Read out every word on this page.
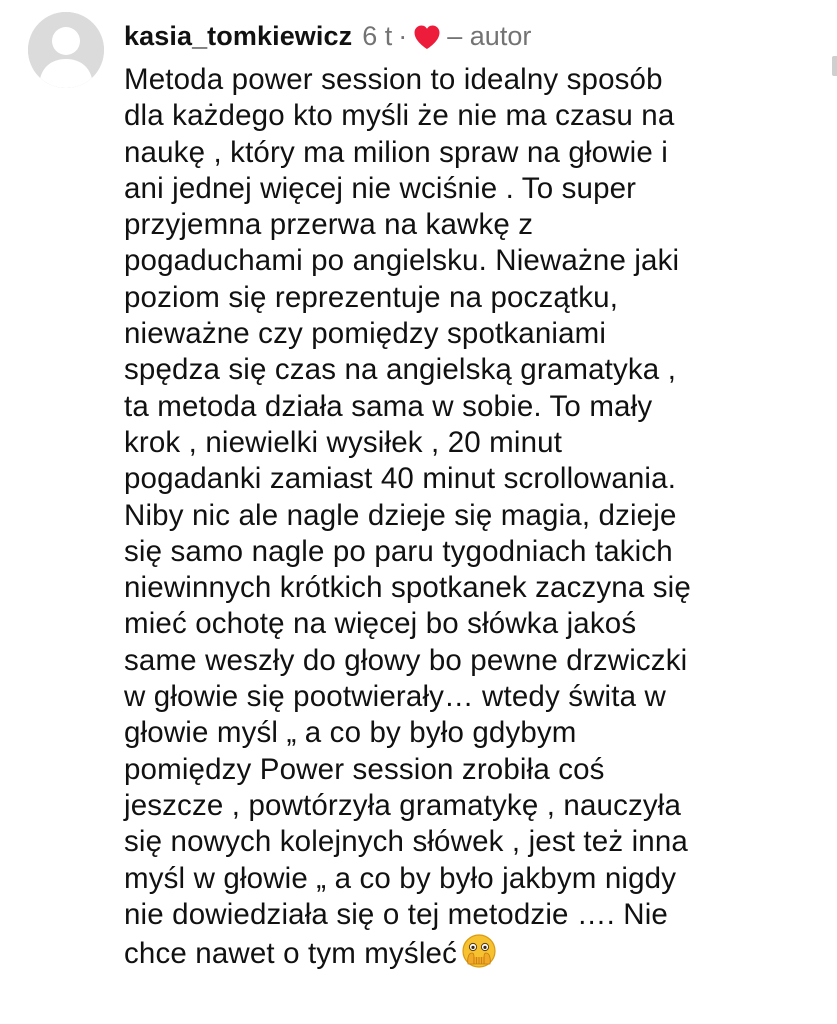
kasia_tomkiewicz 6 t · – autor
Metoda power session to idealny sposób
dla każdego kto myśli że nie ma czasu na
naukę , który ma milion spraw na głowie i
ani jednej więcej nie wciśnie . To super
przyjemna przerwa na kawkę z
pogaduchami po angielsku. Nieważne jaki
poziom się reprezentuje na początku,
nieważne czy pomiędzy spotkaniami
spędza się czas na angielską gramatyka ,
ta metoda działa sama w sobie. To mały
krok , niewielki wysiłek , 20 minut
pogadanki zamiast 40 minut scrollowania.
Niby nic ale nagle dzieje się magia, dzieje
się samo nagle po paru tygodniach takich
niewinnych krótkich spotkanek zaczyna się
mieć ochotę na więcej bo słówka jakoś
same weszły do głowy bo pewne drzwiczki
w głowie się pootwierały… wtedy świta w
głowie myśl „ a co by było gdybym
pomiędzy Power session zrobiła coś
jeszcze , powtórzyła gramatykę , nauczyła
się nowych kolejnych słówek , jest też inna
myśl w głowie „ a co by było jakbym nigdy
nie dowiedziała się o tej metodzie …. Nie
chce nawet o tym myśleć
